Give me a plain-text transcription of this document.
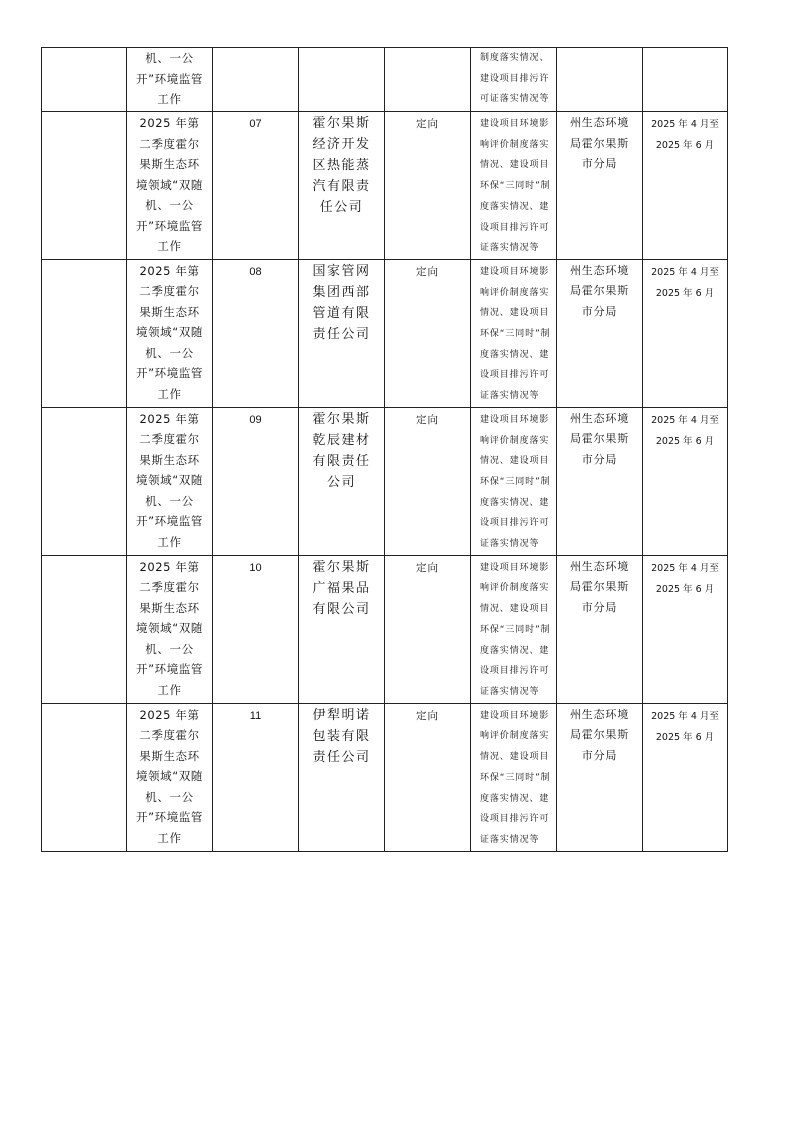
	机、一公开”环境监管工作				制度落实情况、建设项目排污许可证落实情况等		

	2025 年第二季度霍尔果斯生态环境领域“双随机、一公开”环境监管工作	07	霍尔果斯经济开发区热能蒸汽有限责任公司	定向	建设项目环境影响评价制度落实情况、建设项目环保“三同时”制度落实情况、建设项目排污许可证落实情况等	州生态环境局霍尔果斯市分局	2025 年 4 月至 2025 年 6 月

	2025 年第二季度霍尔果斯生态环境领域“双随机、一公开”环境监管工作	08	国家管网集团西部管道有限责任公司	定向	建设项目环境影响评价制度落实情况、建设项目环保“三同时”制度落实情况、建设项目排污许可证落实情况等	州生态环境局霍尔果斯市分局	2025 年 4 月至 2025 年 6 月

	2025 年第二季度霍尔果斯生态环境领域“双随机、一公开”环境监管工作	09	霍尔果斯乾辰建材有限责任公司	定向	建设项目环境影响评价制度落实情况、建设项目环保“三同时”制度落实情况、建设项目排污许可证落实情况等	州生态环境局霍尔果斯市分局	2025 年 4 月至 2025 年 6 月

	2025 年第二季度霍尔果斯生态环境领域“双随机、一公开”环境监管工作	10	霍尔果斯广福果品有限公司	定向	建设项目环境影响评价制度落实情况、建设项目环保“三同时”制度落实情况、建设项目排污许可证落实情况等	州生态环境局霍尔果斯市分局	2025 年 4 月至 2025 年 6 月

	2025 年第二季度霍尔果斯生态环境领域“双随机、一公开”环境监管工作	11	伊犁明诺包装有限责任公司	定向	建设项目环境影响评价制度落实情况、建设项目环保“三同时”制度落实情况、建设项目排污许可证落实情况等	州生态环境局霍尔果斯市分局	2025 年 4 月至 2025 年 6 月
